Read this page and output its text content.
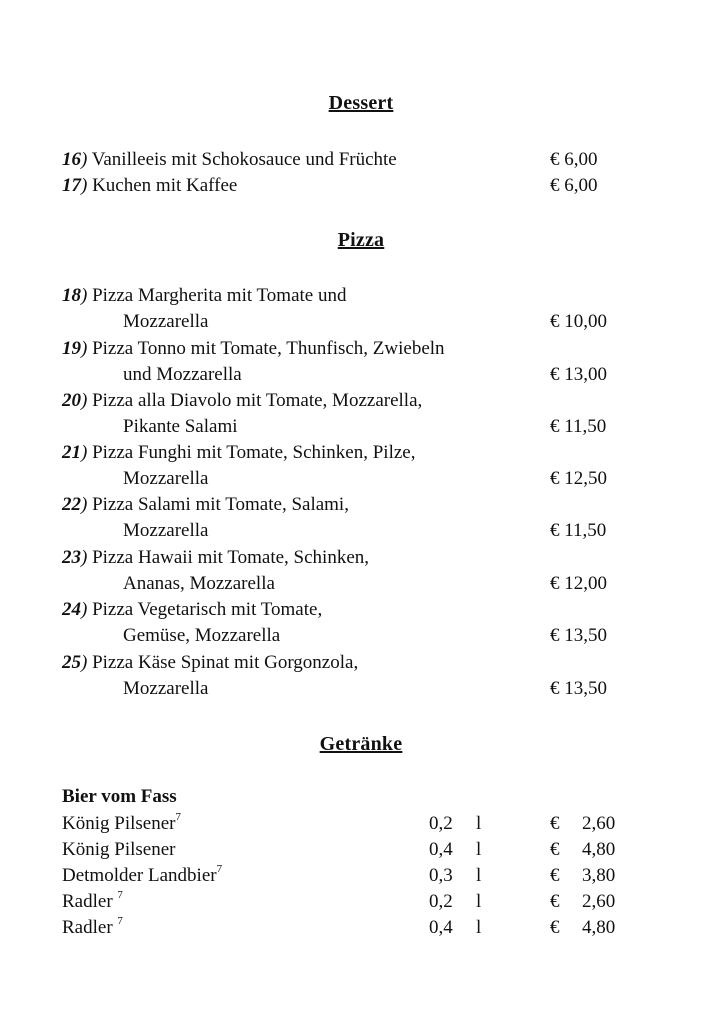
Dessert
16) Vanilleeis mit Schokosauce und Früchte	€ 6,00
17) Kuchen mit Kaffee	€ 6,00
Pizza
18) Pizza Margherita mit Tomate und
Mozzarella	€ 10,00
19) Pizza Tonno mit Tomate, Thunfisch, Zwiebeln
und Mozzarella	€ 13,00
20) Pizza alla Diavolo mit Tomate, Mozzarella,
Pikante Salami	€ 11,50
21) Pizza Funghi mit Tomate, Schinken, Pilze,
Mozzarella	€ 12,50
22) Pizza Salami mit Tomate, Salami,
Mozzarella	€ 11,50
23) Pizza Hawaii mit Tomate, Schinken,
Ananas, Mozzarella	€ 12,00
24) Pizza Vegetarisch mit Tomate,
Gemüse, Mozzarella	€ 13,50
25) Pizza Käse Spinat mit Gorgonzola,
Mozzarella	€ 13,50
Getränke
Bier vom Fass
König Pilsener$^7$	0,2 l	€ 2,60
König Pilsener	0,4 l	€ 4,80
Detmolder Landbier$^7$	0,3 l	€ 3,80
Radler $^7$	0,2 l	€ 2,60
Radler $^7$	0,4 l	€ 4,80
